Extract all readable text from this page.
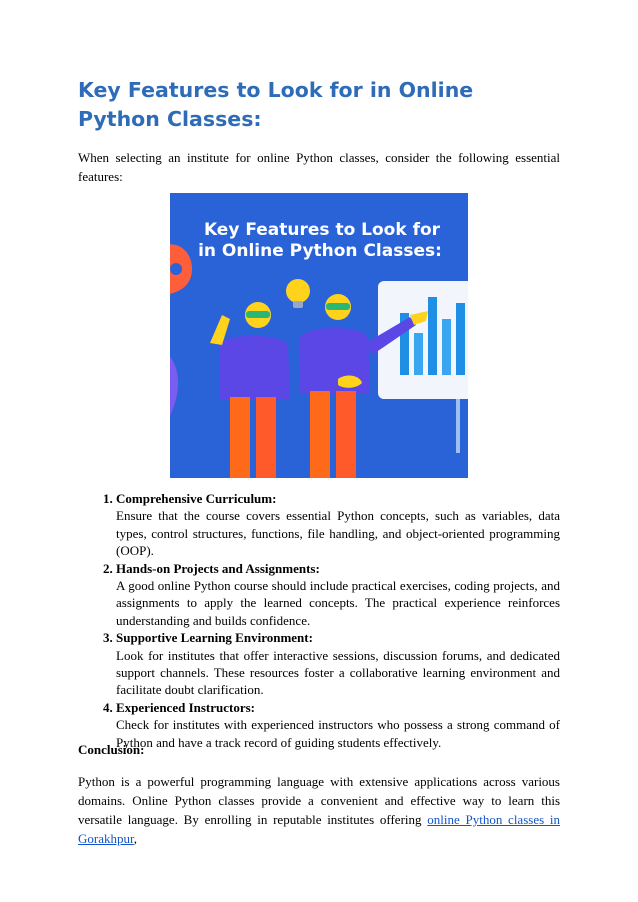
Key Features to Look for in Online Python Classes:

When selecting an institute for online Python classes, consider the following essential features:

Key Features to Look for
in Online Python Classes:
1. Comprehensive Curriculum:
Ensure that the course covers essential Python concepts, such as variables, data types, control structures, functions, file handling, and object-oriented programming (OOP).
2. Hands-on Projects and Assignments:
A good online Python course should include practical exercises, coding projects, and assignments to apply the learned concepts. The practical experience reinforces understanding and builds confidence.
3. Supportive Learning Environment:
Look for institutes that offer interactive sessions, discussion forums, and dedicated support channels. These resources foster a collaborative learning environment and facilitate doubt clarification.
4. Experienced Instructors:
Check for institutes with experienced instructors who possess a strong command of Python and have a track record of guiding students effectively.

Conclusion:

Python is a powerful programming language with extensive applications across various domains. Online Python classes provide a convenient and effective way to learn this versatile language. By enrolling in reputable institutes offering online Python classes in Gorakhpur,
